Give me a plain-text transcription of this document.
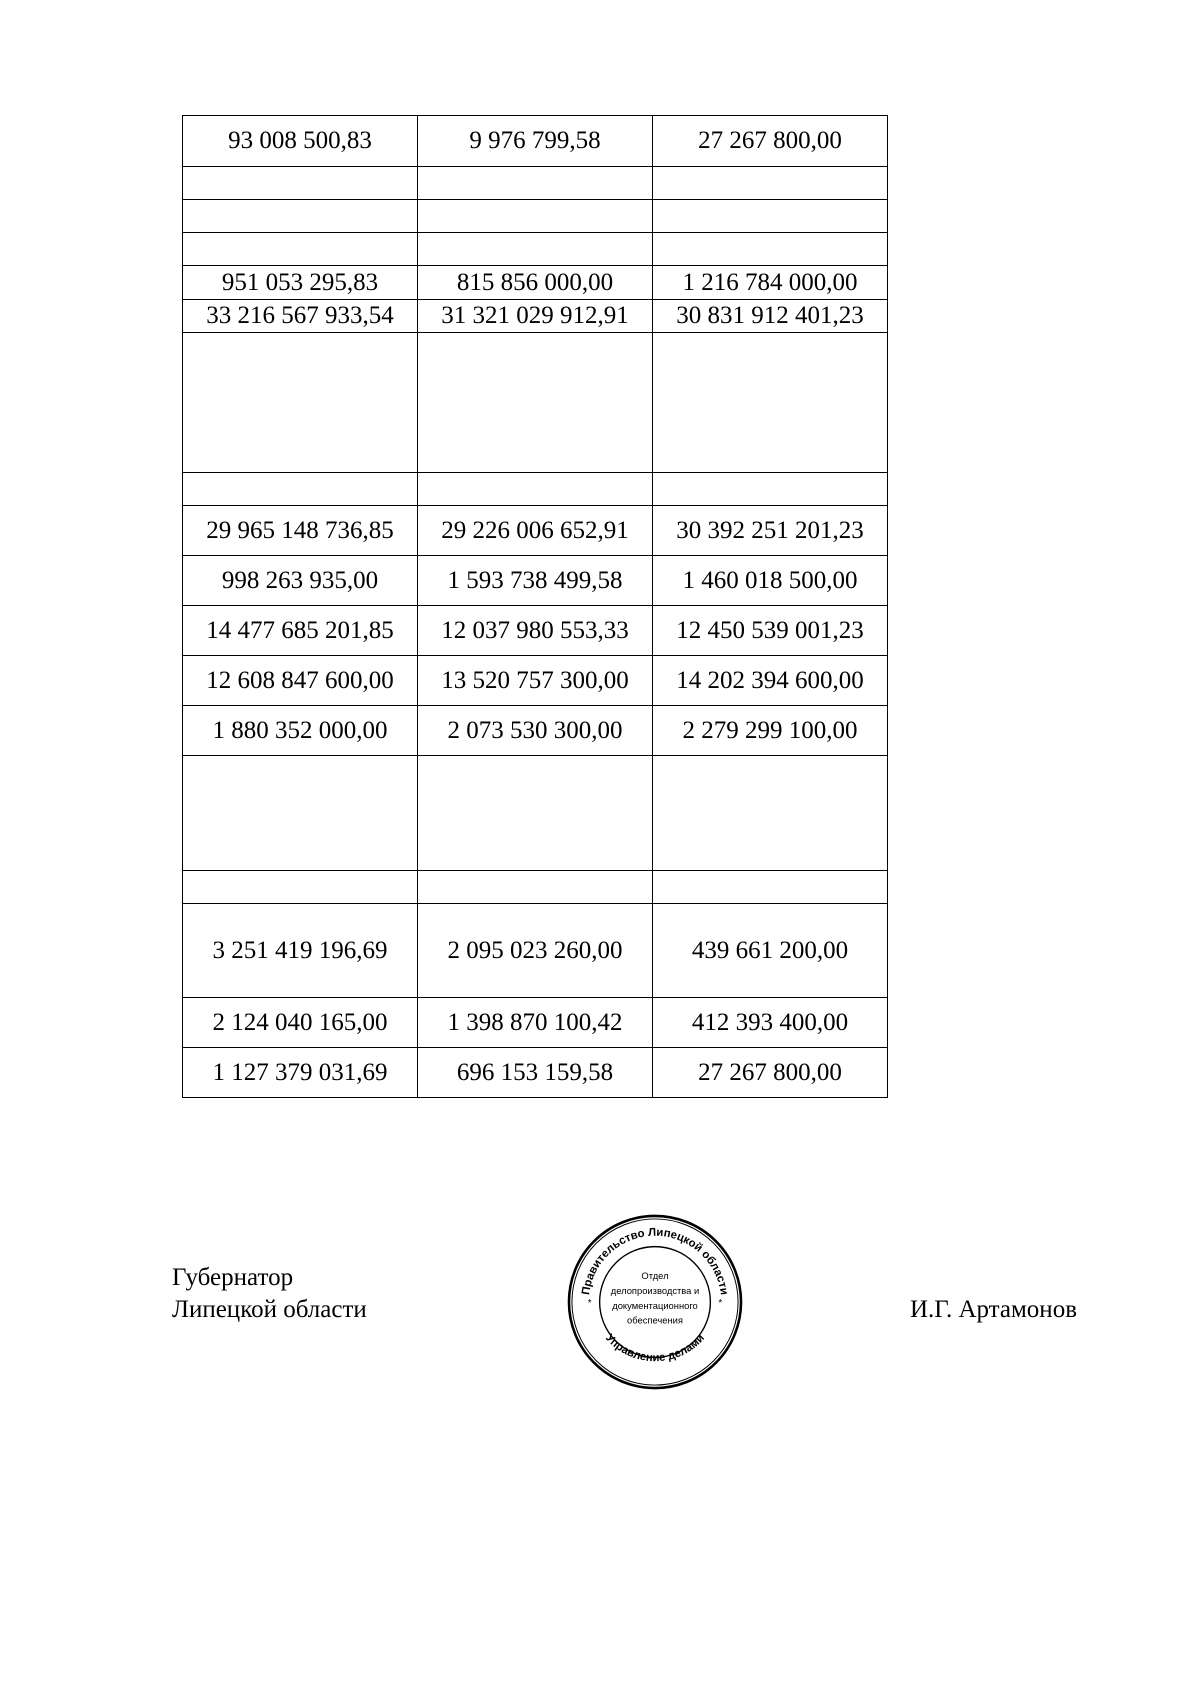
93 008 500,83	9 976 799,58	27 267 800,00

951 053 295,83	815 856 000,00	1 216 784 000,00
33 216 567 933,54	31 321 029 912,91	30 831 912 401,23

29 965 148 736,85	29 226 006 652,91	30 392 251 201,23
998 263 935,00	1 593 738 499,58	1 460 018 500,00
14 477 685 201,85	12 037 980 553,33	12 450 539 001,23
12 608 847 600,00	13 520 757 300,00	14 202 394 600,00
1 880 352 000,00	2 073 530 300,00	2 279 299 100,00

3 251 419 196,69	2 095 023 260,00	439 661 200,00
2 124 040 165,00	1 398 870 100,42	412 393 400,00
1 127 379 031,69	696 153 159,58	27 267 800,00
Губернатор
Липецкой области
Правительство Липецкой области
Управление делами
*	*
Отдел
делопроизводства и
документационного
обеспечения	И.Г. Артамонов
